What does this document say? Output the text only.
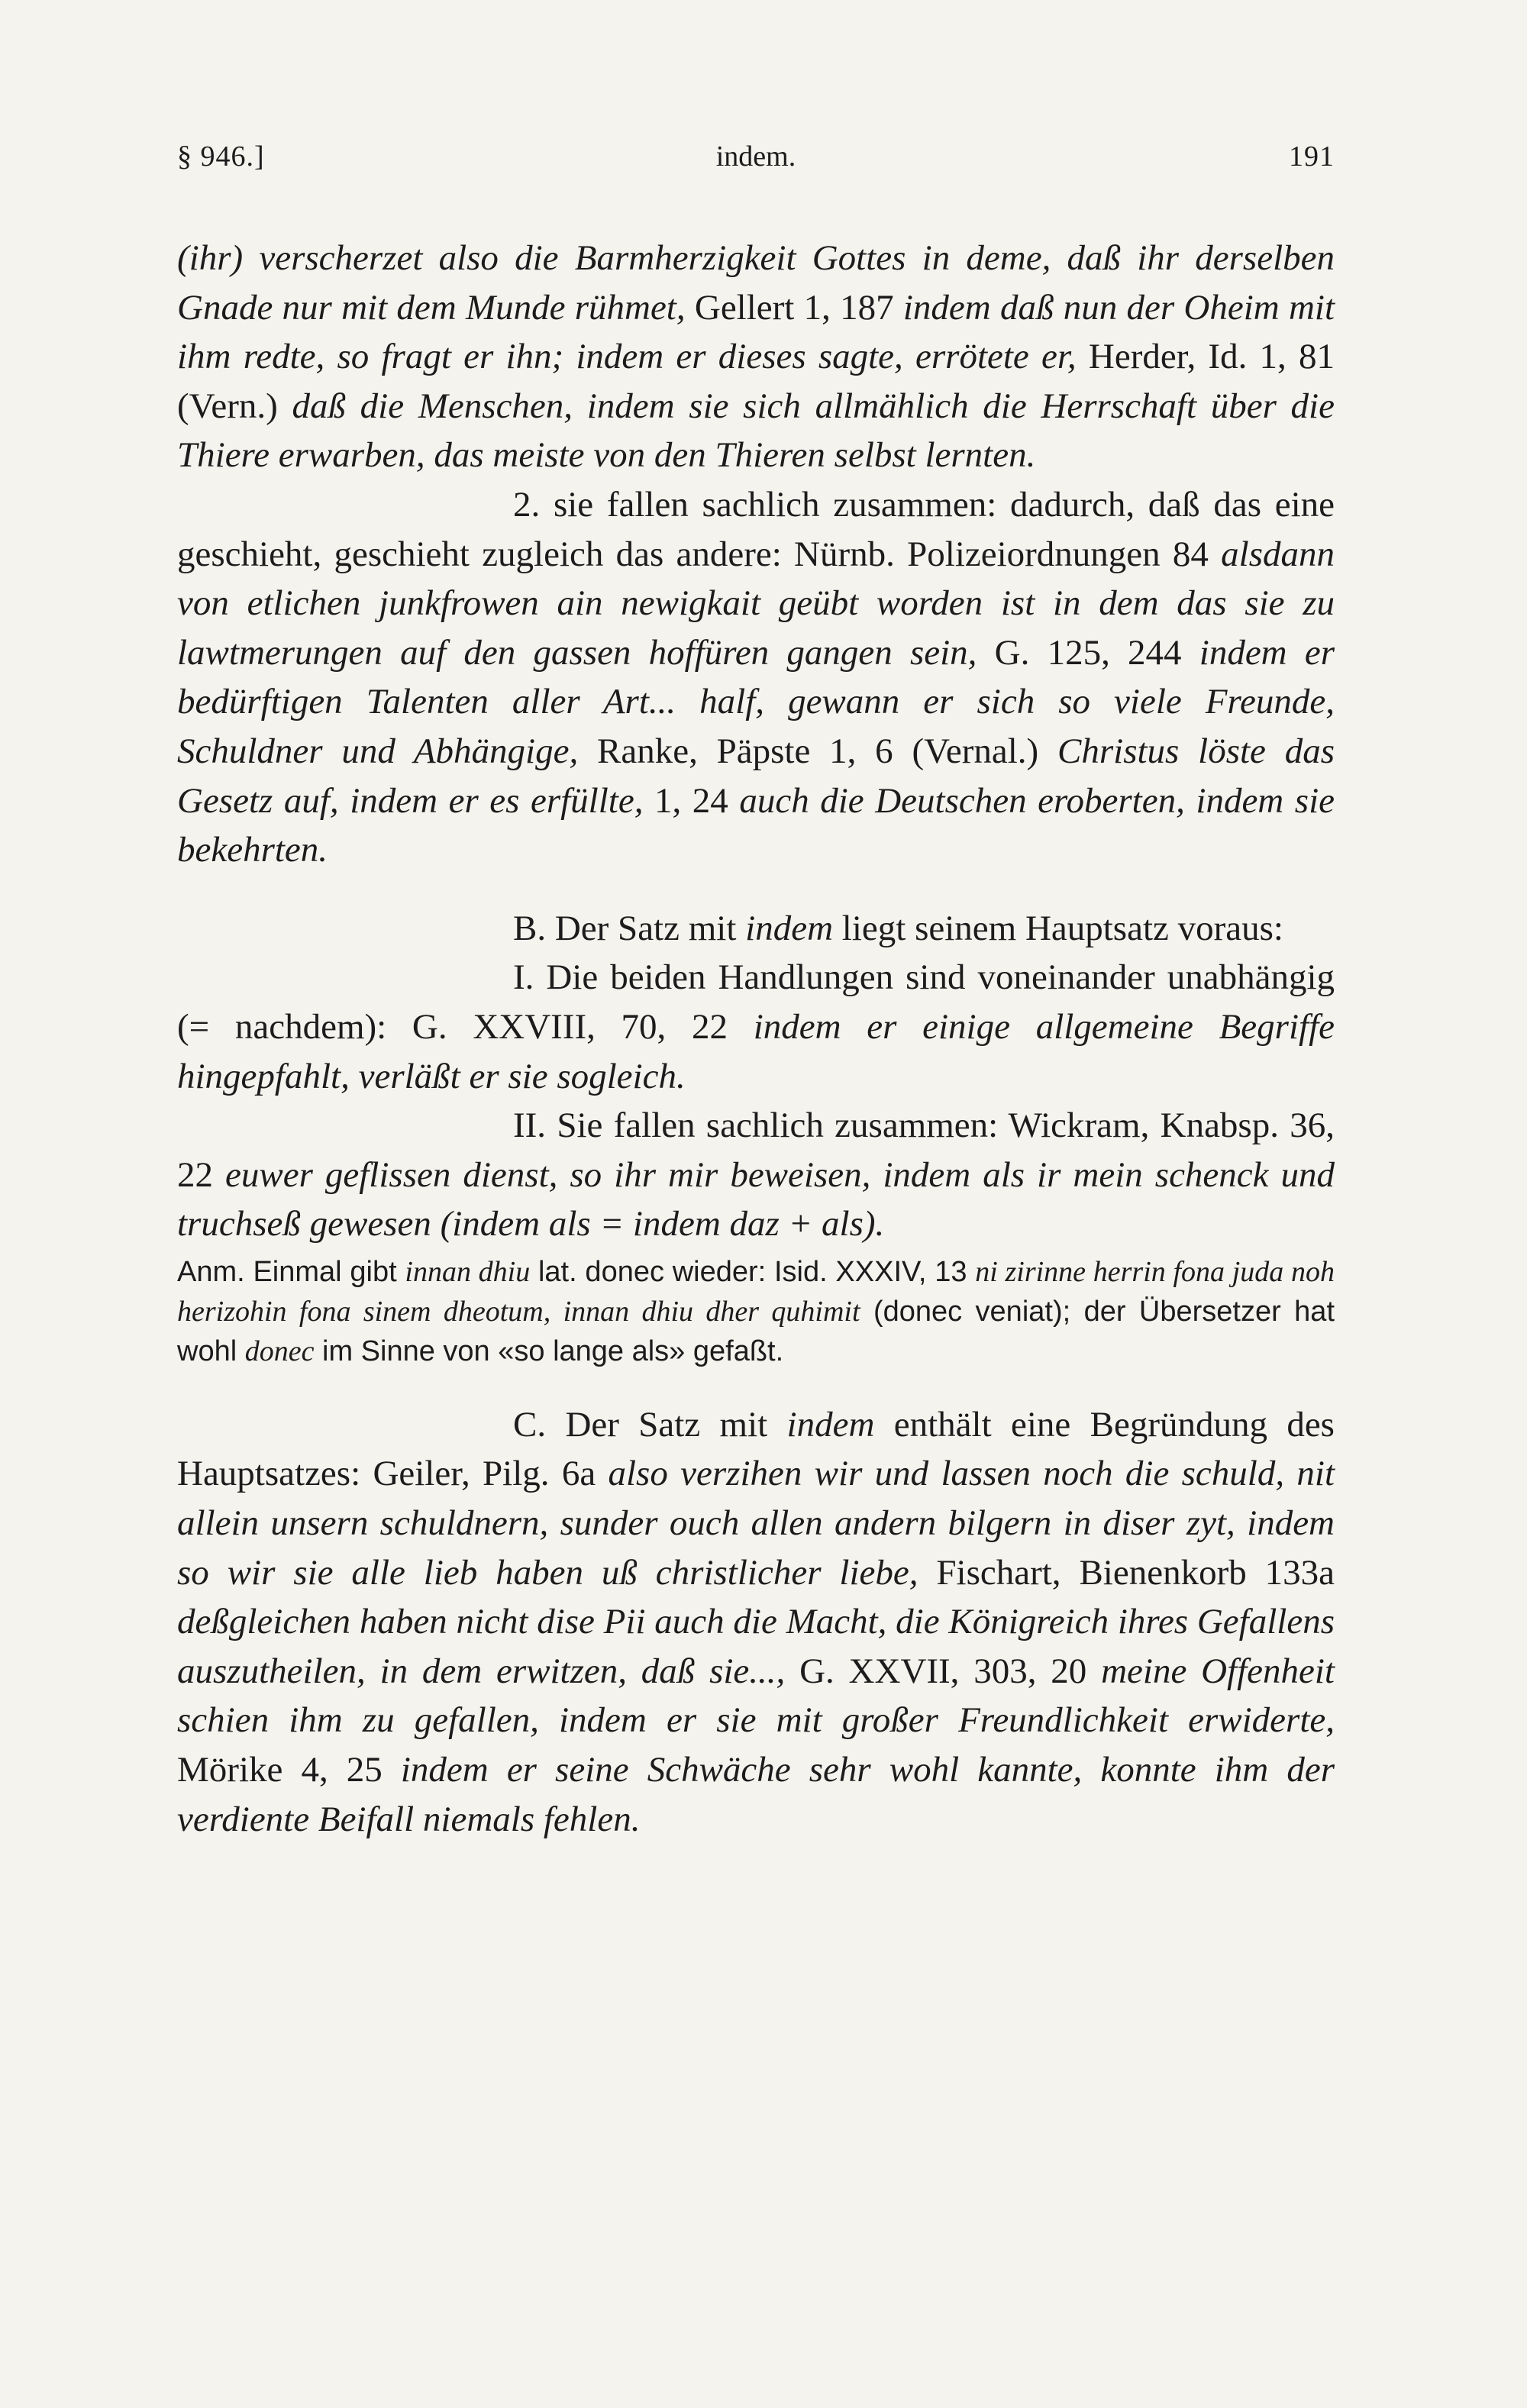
§ 946.]	indem.	191

(ihr) verscherzet also die Barmherzigkeit Gottes in deme, daß ihr derselben Gnade nur mit dem Munde rühmet, Gellert 1, 187 indem daß nun der Oheim mit ihm redte, so fragt er ihn; indem er dieses sagte, errötete er, Herder, Id. 1, 81 (Vern.) daß die Menschen, indem sie sich allmählich die Herrschaft über die Thiere erwarben, das meiste von den Thieren selbst lernten.

2. sie fallen sachlich zusammen: dadurch, daß das eine geschieht, geschieht zugleich das andere: Nürnb. Polizeiordnungen 84 alsdann von etlichen junkfrowen ain newigkait geübt worden ist in dem das sie zu lawtmerungen auf den gassen hoffüren gangen sein, G. 125, 244 indem er bedürftigen Talenten aller Art... half, gewann er sich so viele Freunde, Schuldner und Abhängige, Ranke, Päpste 1, 6 (Vernal.) Christus löste das Gesetz auf, indem er es erfüllte, 1, 24 auch die Deutschen eroberten, indem sie bekehrten.

B. Der Satz mit indem liegt seinem Hauptsatz voraus:

I. Die beiden Handlungen sind voneinander unabhängig (= nachdem): G. XXVIII, 70, 22 indem er einige allgemeine Begriffe hingepfahlt, verläßt er sie sogleich.

II. Sie fallen sachlich zusammen: Wickram, Knabsp. 36, 22 euwer geflissen dienst, so ihr mir beweisen, indem als ir mein schenck und truchseß gewesen (indem als = indem daz + als).

Anm. Einmal gibt innan dhiu lat. donec wieder: Isid. XXXIV, 13 ni zirinne herrin fona juda noh herizohin fona sinem dheotum, innan dhiu dher quhimit (donec veniat); der Übersetzer hat wohl donec im Sinne von «so lange als» gefaßt.

C. Der Satz mit indem enthält eine Begründung des Hauptsatzes: Geiler, Pilg. 6a also verzihen wir und lassen noch die schuld, nit allein unsern schuldnern, sunder ouch allen andern bilgern in diser zyt, indem so wir sie alle lieb haben uß christlicher liebe, Fischart, Bienenkorb 133a deßgleichen haben nicht dise Pii auch die Macht, die Königreich ihres Gefallens auszutheilen, in dem erwitzen, daß sie..., G. XXVII, 303, 20 meine Offenheit schien ihm zu gefallen, indem er sie mit großer Freundlichkeit erwiderte, Mörike 4, 25 indem er seine Schwäche sehr wohl kannte, konnte ihm der verdiente Beifall niemals fehlen.
